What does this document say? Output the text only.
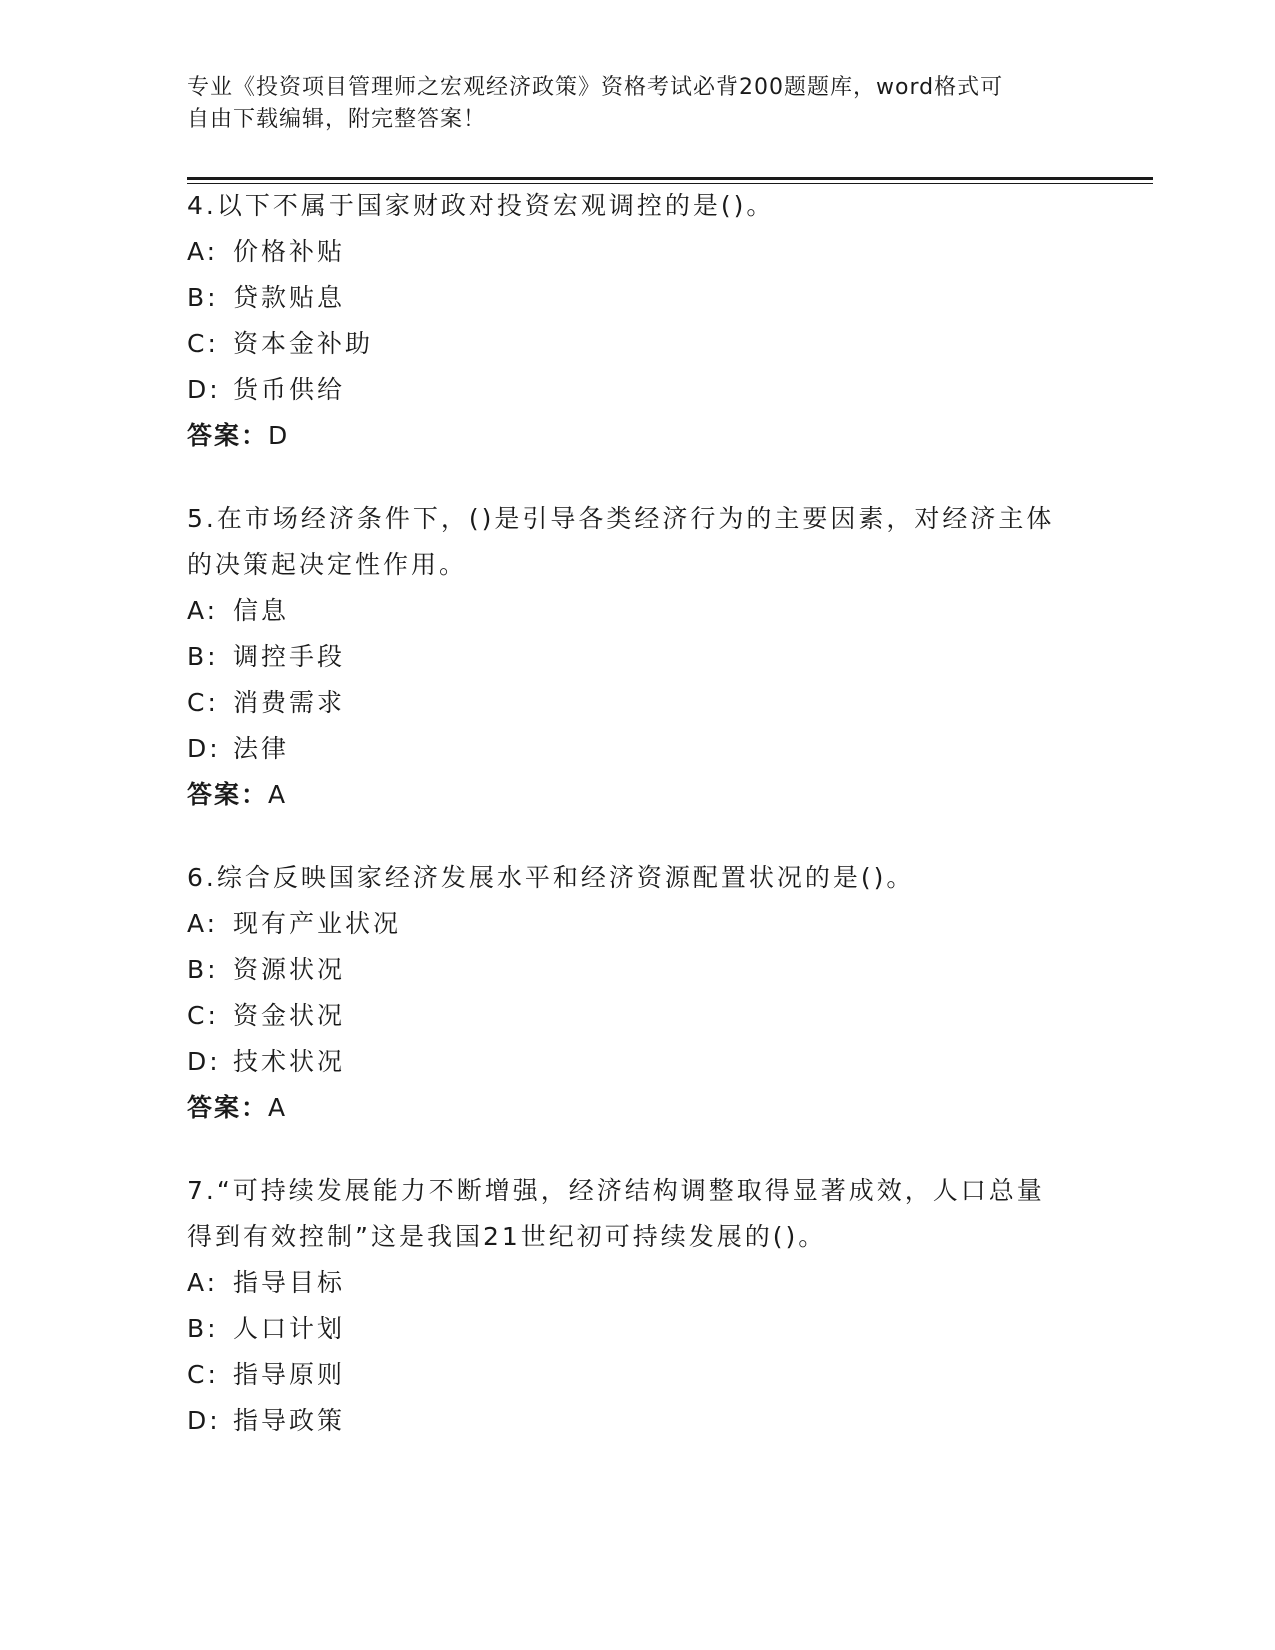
专业《投资项目管理师之宏观经济政策》资格考试必背200题题库，word格式可
自由下载编辑，附完整答案！

4.以下不属于国家财政对投资宏观调控的是()。

A: 价格补贴

B: 贷款贴息

C: 资本金补助

D: 货币供给

答案：D

5.在市场经济条件下，()是引导各类经济行为的主要因素，对经济主体的决策起决定性作用。

A: 信息

B: 调控手段

C: 消费需求

D: 法律

答案：A

6.综合反映国家经济发展水平和经济资源配置状况的是()。

A: 现有产业状况

B: 资源状况

C: 资金状况

D: 技术状况

答案：A

7.“可持续发展能力不断增强，经济结构调整取得显著成效，人口总量得到有效控制”这是我国21世纪初可持续发展的()。

A: 指导目标

B: 人口计划

C: 指导原则

D: 指导政策
